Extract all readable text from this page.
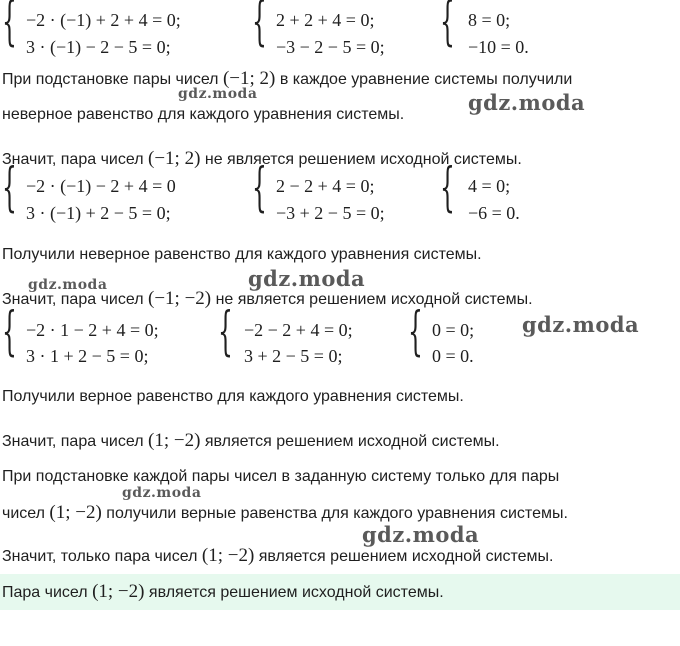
{ −2 · (−1) + 2 + 4 = 0;
3 · (−1) − 2 − 5 = 0; { 2 + 2 + 4 = 0;
−3 − 2 − 5 = 0; { 8 = 0;
−10 = 0.
При подстановке пары чисел (−1; 2) в каждое уравнение системы получили
неверное равенство для каждого уравнения системы.
Значит, пара чисел (−1; 2) не является решением исходной системы.
{ −2 · (−1) − 2 + 4 = 0
3 · (−1) + 2 − 5 = 0; { 2 − 2 + 4 = 0;
−3 + 2 − 5 = 0; { 4 = 0;
−6 = 0.
Получили неверное равенство для каждого уравнения системы.
Значит, пара чисел (−1; −2) не является решением исходной системы.
{ −2 · 1 − 2 + 4 = 0;
3 · 1 + 2 − 5 = 0; { −2 − 2 + 4 = 0;
3 + 2 − 5 = 0; { 0 = 0;
0 = 0.
Получили верное равенство для каждого уравнения системы.
Значит, пара чисел (1; −2) является решением исходной системы.
При подстановке каждой пары чисел в заданную систему только для пары
чисел (1; −2) получили верные равенства для каждого уравнения системы.
Значит, только пара чисел (1; −2) является решением исходной системы.
Пара чисел (1; −2) является решением исходной системы.
gdz.moda	gdz.moda
gdz.moda
gdz.moda
gdz.moda
gdz.moda
gdz.moda
